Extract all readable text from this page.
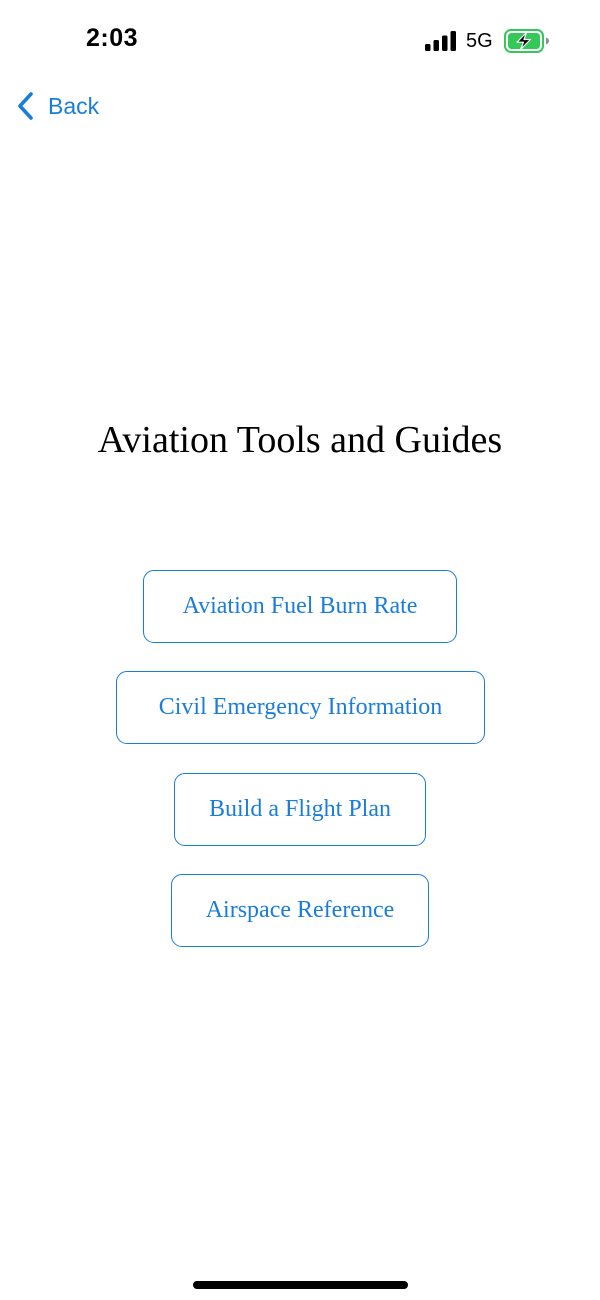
2:03	5G
Back
Aviation Tools and Guides
Aviation Fuel Burn Rate
Civil Emergency Information
Build a Flight Plan
Airspace Reference
